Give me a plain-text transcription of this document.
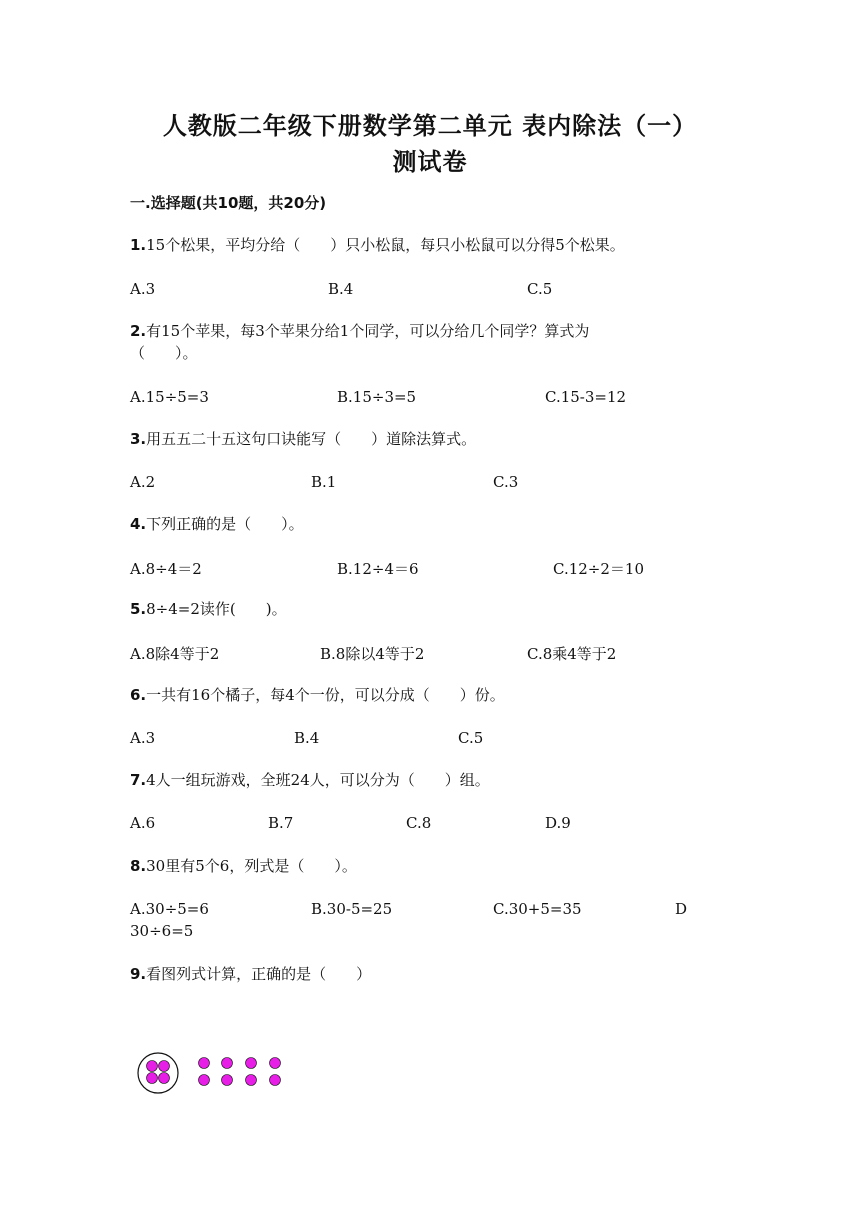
人教版二年级下册数学第二单元 表内除法（一）
测试卷
一.选择题(共10题，共20分)
1.15个松果，平均分给（　　）只小松鼠，每只小松鼠可以分得5个松果。
A.3	B.4	C.5
2.有15个苹果，每3个苹果分给1个同学，可以分给几个同学？算式为
（　　）。
A.15÷5=3	B.15÷3=5	C.15-3=12
3.用五五二十五这句口诀能写（　　）道除法算式。
A.2	B.1	C.3
4.下列正确的是（　　）。
A.8÷4＝2	B.12÷4＝6	C.12÷2＝10
5.8÷4=2读作(　　)。
A.8除4等于2	B.8除以4等于2	C.8乘4等于2
6.一共有16个橘子，每4个一份，可以分成（　　）份。
A.3	B.4	C.5
7.4人一组玩游戏，全班24人，可以分为（　　）组。
A.6	B.7	C.8	D.9
8.30里有5个6，列式是（　　）。
A.30÷5=6	B.30-5=25	C.30+5=35	D
30÷6=5
9.看图列式计算，正确的是（　　）
